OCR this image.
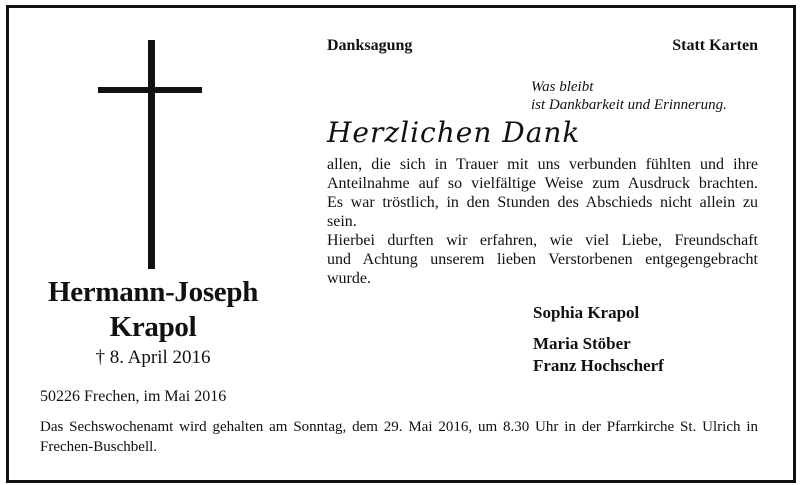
Hermann-Joseph
Krapol
† 8. April 2016
Danksagung	Statt Karten
Was bleibt
ist Dankbarkeit und Erinnerung.
Herzlichen Dank
allen, die sich in Trauer mit uns verbunden fühlten und ihre
Anteilnahme auf so vielfältige Weise zum Ausdruck brachten.
Es war tröstlich, in den Stunden des Abschieds nicht allein zu
sein.
Hierbei durften wir erfahren, wie viel Liebe, Freundschaft
und Achtung unserem lieben Verstorbenen entgegengebracht
wurde.
Sophia Krapol
Maria Stöber
Franz Hochscherf
50226 Frechen, im Mai 2016
Das Sechswochenamt wird gehalten am Sonntag, dem 29. Mai 2016, um 8.30 Uhr in der Pfarrkirche St. Ulrich in Frechen-Buschbell.
